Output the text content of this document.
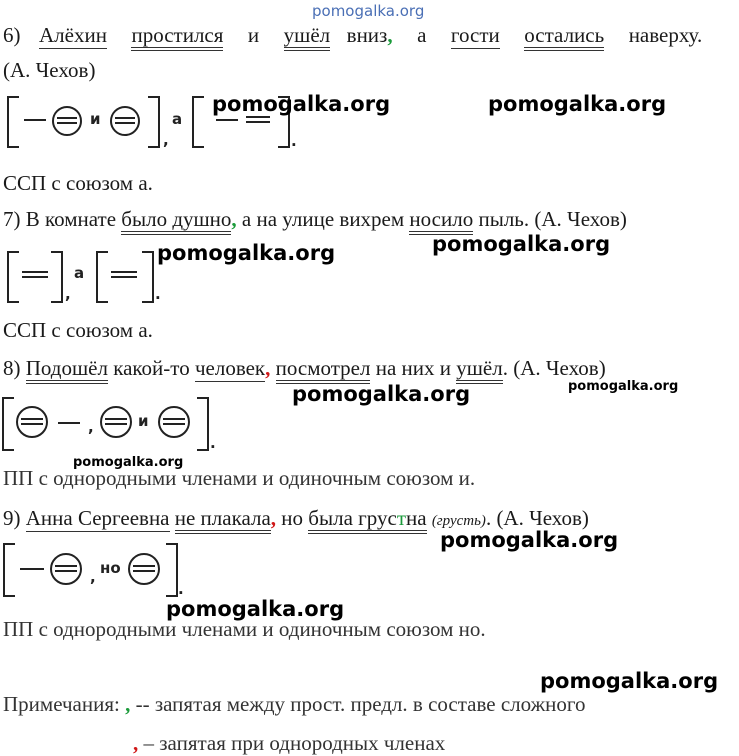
pomogalka.org
6) Алёхин простился и ушёл вниз, а гости остались наверху.
(А. Чехов)
и
,
а
.
pomogalka.org	pomogalka.org
ССП с союзом а.
7) В комнате было душно, а на улице вихрем носило пыль. (А. Чехов)
,
а
.
pomogalka.org	pomogalka.org
ССП с союзом а.
8) Подошёл какой-то человек, посмотрел на них и ушёл. (А. Чехов)
pomogalka.org
,	и
.
pomogalka.org
pomogalka.org
ПП с однородными членами и одиночным союзом и.
9) Анна Сергеевна не плакала, но была грустна (грусть). (А. Чехов)
pomogalka.org
, но
.
pomogalka.org
ПП с однородными членами и одиночным союзом но.
pomogalka.org
Примечания: , -- запятая между прост. предл. в составе сложного
, – запятая при однородных членах
